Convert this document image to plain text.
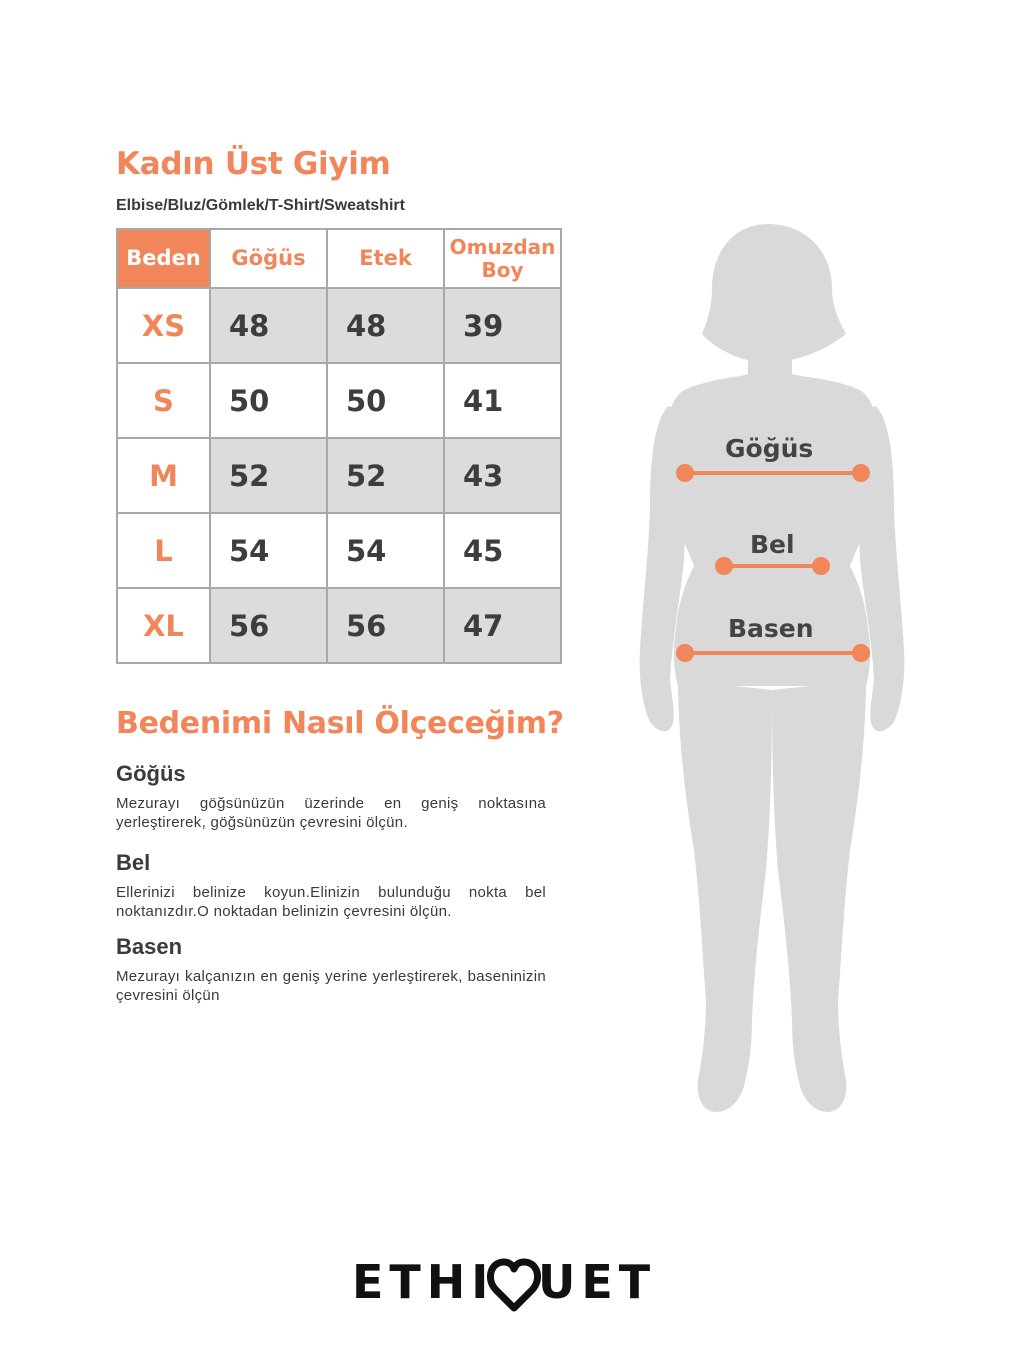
Kadın Üst Giyim
Elbise/Bluz/Gömlek/T-Shirt/Sweatshirt
Beden	Göğüs	Etek	Omuzdan Boy
XS	48	48	39
S	50	50	41
M	52	52	43
L	54	54	45
XL	56	56	47
Bedenimi Nasıl Ölçeceğim?
Göğüs

Mezurayı göğsünüzün üzerinde en geniş noktasına yerleştirerek, göğsünüzün çevresini ölçün.

Bel

Ellerinizi belinize koyun.Elinizin bulunduğu nokta bel noktanızdır.O noktadan belinizin çevresini ölçün.

Basen

Mezurayı kalçanızın en geniş yerine yerleştirerek, baseninizin çevresini ölçün

Göğüs
Bel
Basen
ETHI UET
